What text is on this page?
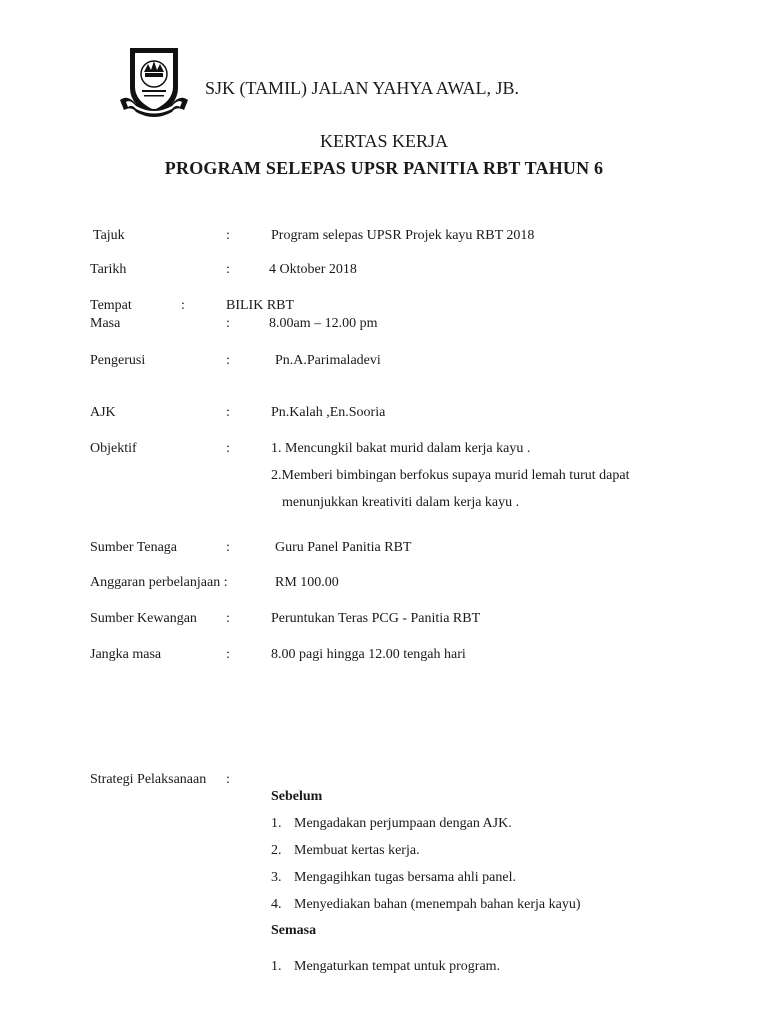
SJK (TAMIL) JALAN YAHYA AWAL, JB.
KERTAS KERJA
PROGRAM SELEPAS UPSR PANITIA RBT TAHUN 6
Tajuk	:	Program selepas UPSR Projek kayu RBT 2018
Tarikh	:	4 Oktober 2018
Tempat	:	BILIK RBT
Masa	:	8.00am – 12.00 pm
Pengerusi	:	Pn.A.Parimaladevi
AJK	:	Pn.Kalah ,En.Sooria
Objektif	:	1. Mencungkil bakat murid dalam kerja kayu .
2.Memberi bimbingan berfokus supaya murid lemah turut dapat
menunjukkan kreativiti dalam kerja kayu .
Sumber Tenaga	:	Guru Panel Panitia RBT
Anggaran perbelanjaan :	RM 100.00
Sumber Kewangan :	Peruntukan Teras PCG - Panitia RBT
Jangka masa	:	8.00 pagi hingga 12.00 tengah hari
Strategi Pelaksanaan :
Sebelum
1. Mengadakan perjumpaan dengan AJK.
2. Membuat kertas kerja.
3. Mengagihkan tugas bersama ahli panel.
4. Menyediakan bahan (menempah bahan kerja kayu)
Semasa
1. Mengaturkan tempat untuk program.
